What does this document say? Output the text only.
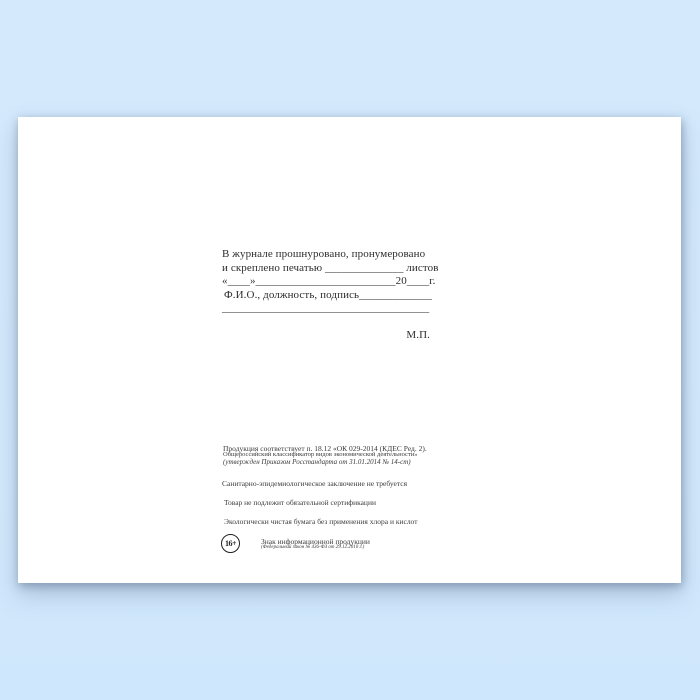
В журнале прошнуровано, пронумеровано
и скреплено печатью ______________ листов
«____»_________________________20____г.
Ф.И.О., должность, подпись_____________
_____________________________________
М.П.
Продукция соответствует п. 18.12 «ОК 029-2014 (КДЕС Ред. 2).
Общероссийский классификатор видов экономической деятельности»
(утвержден Приказом Росстандарта от 31.01.2014 № 14-ст)
Санитарно-эпидемиологическое заключение не требуется
Товар не подлежит обязательной сертификации
Экологически чистая бумага без применения хлора и кислот
16+	Знак информационной продукции
(Федеральный закон № 436-ФЗ от 29.12.2010 г.)
